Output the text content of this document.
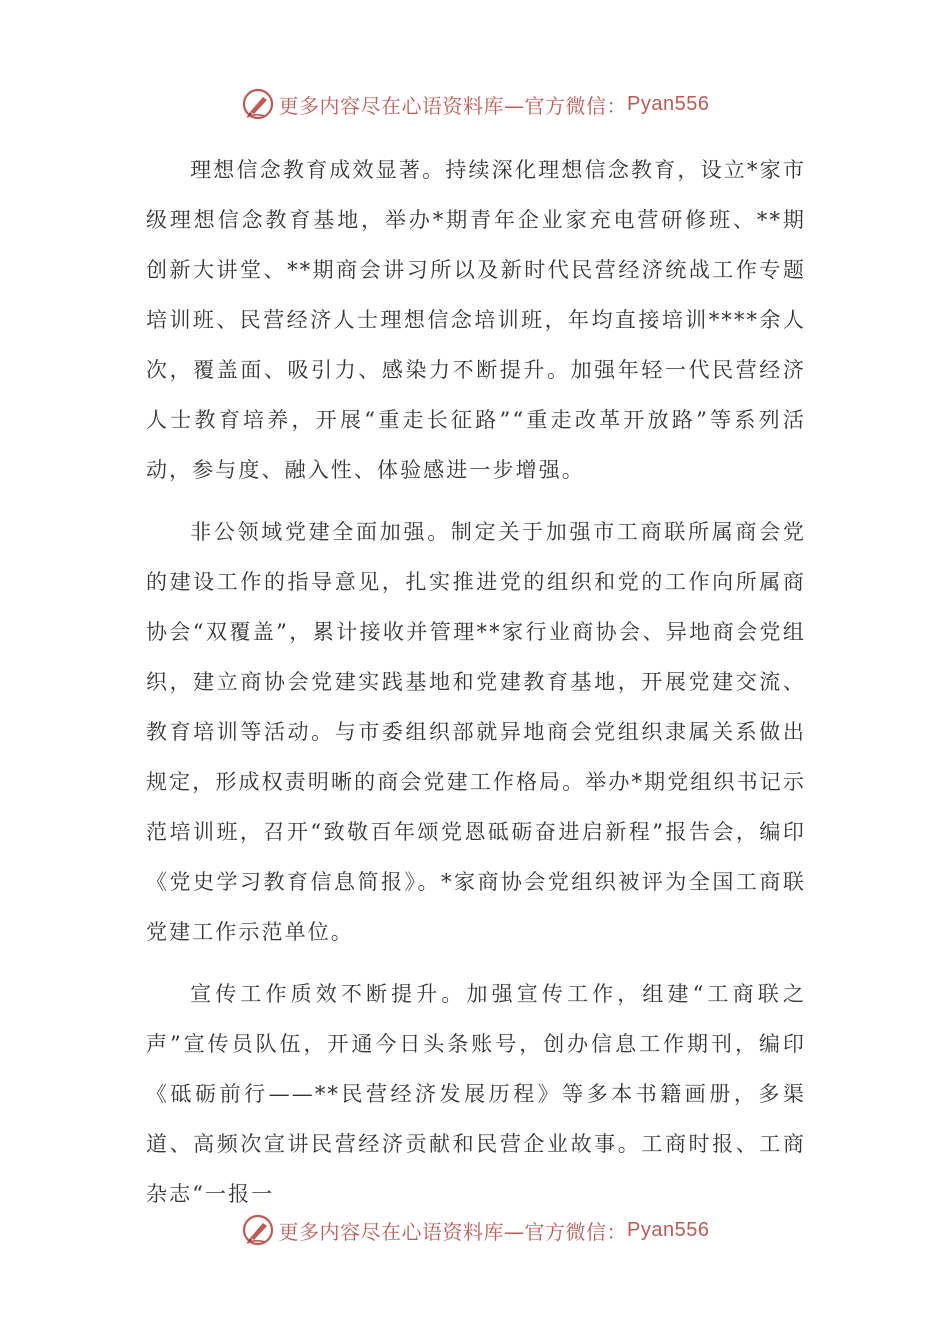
更多内容尽在心语资料库 —官方微信： Pyan556

理想信念教育成效显著。持续深化理想信念教育，设立*家市级理想信念教育基地，举办*期青年企业家充电营研修班、**期创新大讲堂、**期商会讲习所以及新时代民营经济统战工作专题培训班、民营经济人士理想信念培训班，年均直接培训****余人次，覆盖面、吸引力、感染力不断提升。加强年轻一代民营经济人士教育培养，开展“重走长征路”“重走改革开放路”等系列活动，参与度、融入性、体验感进一步增强。

非公领域党建全面加强。制定关于加强市工商联所属商会党的建设工作的指导意见，扎实推进党的组织和党的工作向所属商协会“双覆盖”，累计接收并管理**家行业商协会、异地商会党组织，建立商协会党建实践基地和党建教育基地，开展党建交流、教育培训等活动。与市委组织部就异地商会党组织隶属关系做出规定，形成权责明晰的商会党建工作格局。举办*期党组织书记示范培训班，召开“致敬百年颂党恩砥砺奋进启新程”报告会，编印《党史学习教育信息简报》。*家商协会党组织被评为全国工商联党建工作示范单位。

宣传工作质效不断提升。加强宣传工作，组建“工商联之声”宣传员队伍，开通今日头条账号，创办信息工作期刊，编印《砥砺前行——**民营经济发展历程》等多本书籍画册，多渠道、高频次宣讲民营经济贡献和民营企业故事。工商时报、工商杂志“一报一

更多内容尽在心语资料库 —官方微信： Pyan556
